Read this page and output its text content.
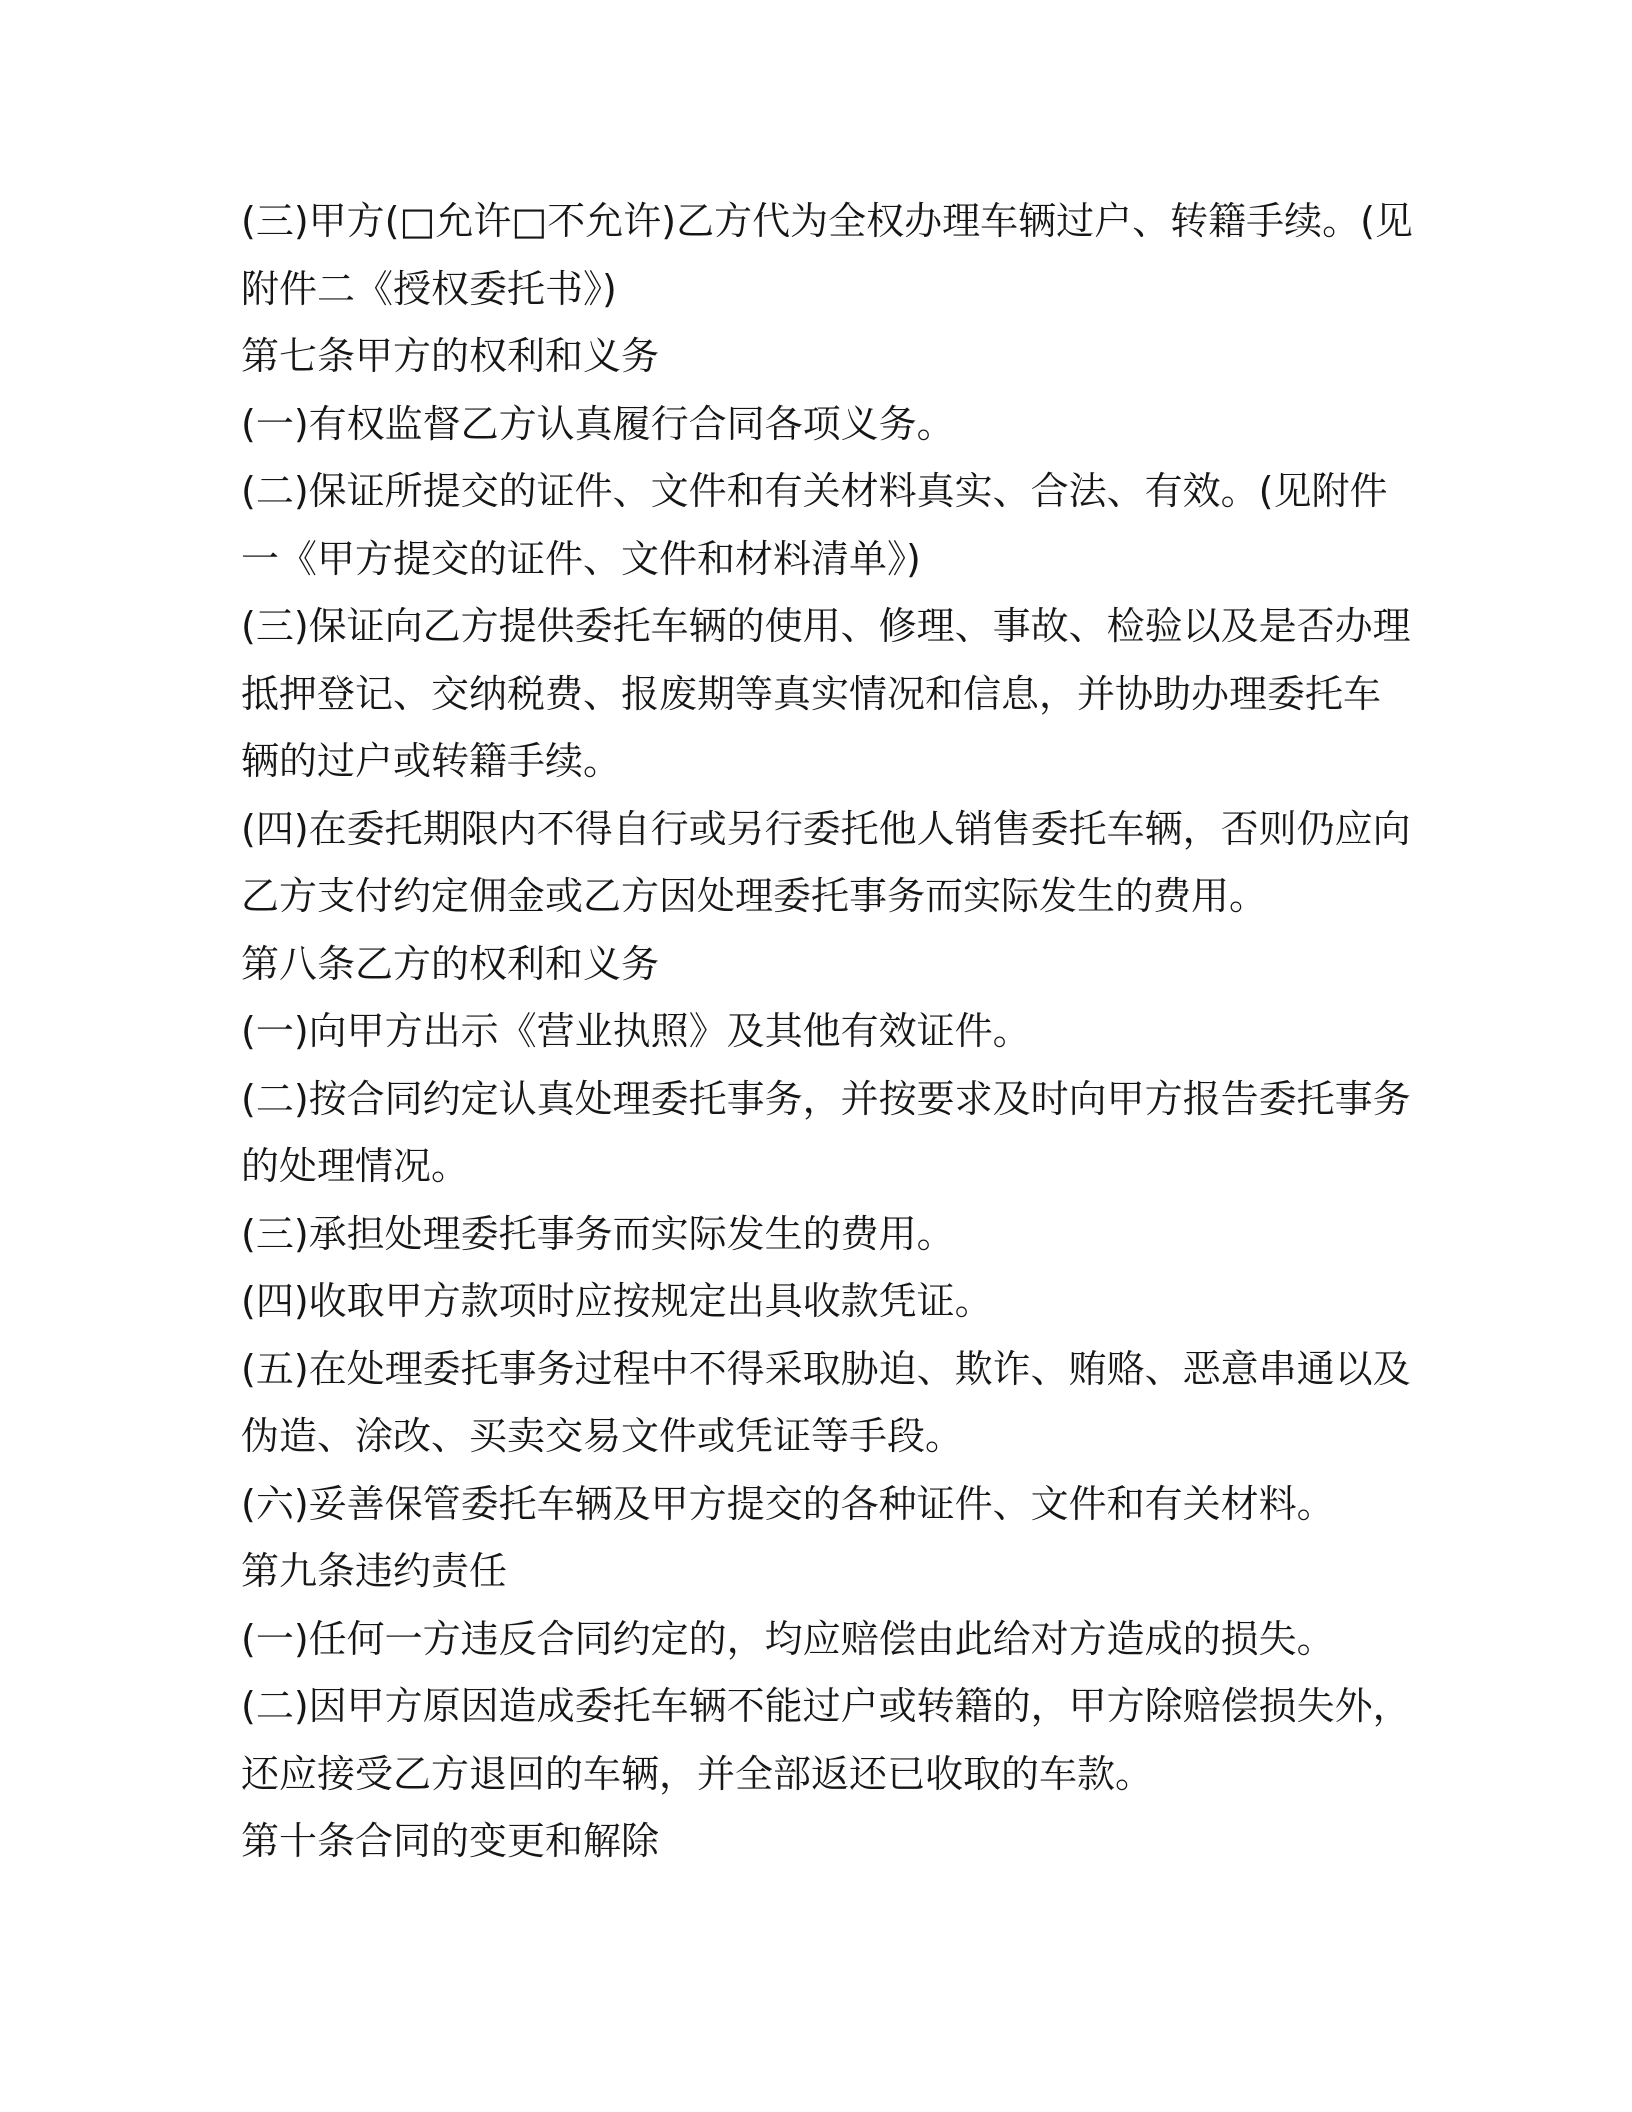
(三)甲方(□允许□不允许)乙方代为全权办理车辆过户、转籍手续。(见
附件二《授权委托书》)
第七条甲方的权利和义务
(一)有权监督乙方认真履行合同各项义务。
(二)保证所提交的证件、文件和有关材料真实、合法、有效。(见附件
一《甲方提交的证件、文件和材料清单》)
(三)保证向乙方提供委托车辆的使用、修理、事故、检验以及是否办理
抵押登记、交纳税费、报废期等真实情况和信息，并协助办理委托车
辆的过户或转籍手续。
(四)在委托期限内不得自行或另行委托他人销售委托车辆，否则仍应向
乙方支付约定佣金或乙方因处理委托事务而实际发生的费用。
第八条乙方的权利和义务
(一)向甲方出示《营业执照》及其他有效证件。
(二)按合同约定认真处理委托事务，并按要求及时向甲方报告委托事务
的处理情况。
(三)承担处理委托事务而实际发生的费用。
(四)收取甲方款项时应按规定出具收款凭证。
(五)在处理委托事务过程中不得采取胁迫、欺诈、贿赂、恶意串通以及
伪造、涂改、买卖交易文件或凭证等手段。
(六)妥善保管委托车辆及甲方提交的各种证件、文件和有关材料。
第九条违约责任
(一)任何一方违反合同约定的，均应赔偿由此给对方造成的损失。
(二)因甲方原因造成委托车辆不能过户或转籍的，甲方除赔偿损失外，
还应接受乙方退回的车辆，并全部返还已收取的车款。
第十条合同的变更和解除
